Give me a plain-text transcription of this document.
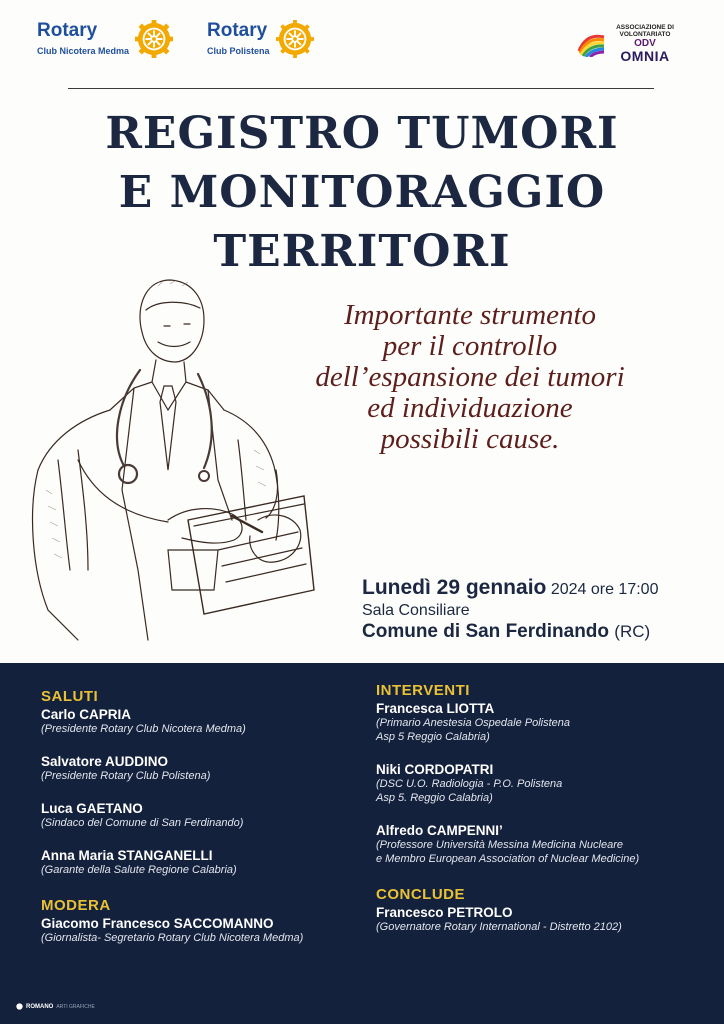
Rotary
Club Nicotera Medma
Rotary
Club Polistena
ASSOCIAZIONE DI VOLONTARIATO
ODV
OMNIA
REGISTRO TUMORI
E MONITORAGGIO
TERRITORI
Importante strumento
per il controllo
dell’espansione dei tumori
ed individuazione
possibili cause.
Lunedì 29 gennaio 2024 ore 17:00
Sala Consiliare
Comune di San Ferdinando (RC)
SALUTI
Carlo CAPRIA
(Presidente Rotary Club Nicotera Medma)
Salvatore AUDDINO
(Presidente Rotary Club Polistena)
Luca GAETANO
(Sindaco del Comune di San Ferdinando)
Anna Maria STANGANELLI
(Garante della Salute Regione Calabria)
MODERA
Giacomo Francesco SACCOMANNO
(Giornalista- Segretario Rotary Club Nicotera Medma)
INTERVENTI
Francesca LIOTTA
(Primario Anestesia Ospedale Polistena
Asp 5 Reggio Calabria)
Niki CORDOPATRI
(DSC U.O. Radiologia - P.O. Polistena
Asp 5. Reggio Calabria)
Alfredo CAMPENNI’
(Professore Università Messina Medicina Nucleare
e Membro European Association of Nuclear Medicine)
CONCLUDE
Francesco PETROLO
(Governatore Rotary International - Distretto 2102)
ROMANO ARTI GRAFICHE
